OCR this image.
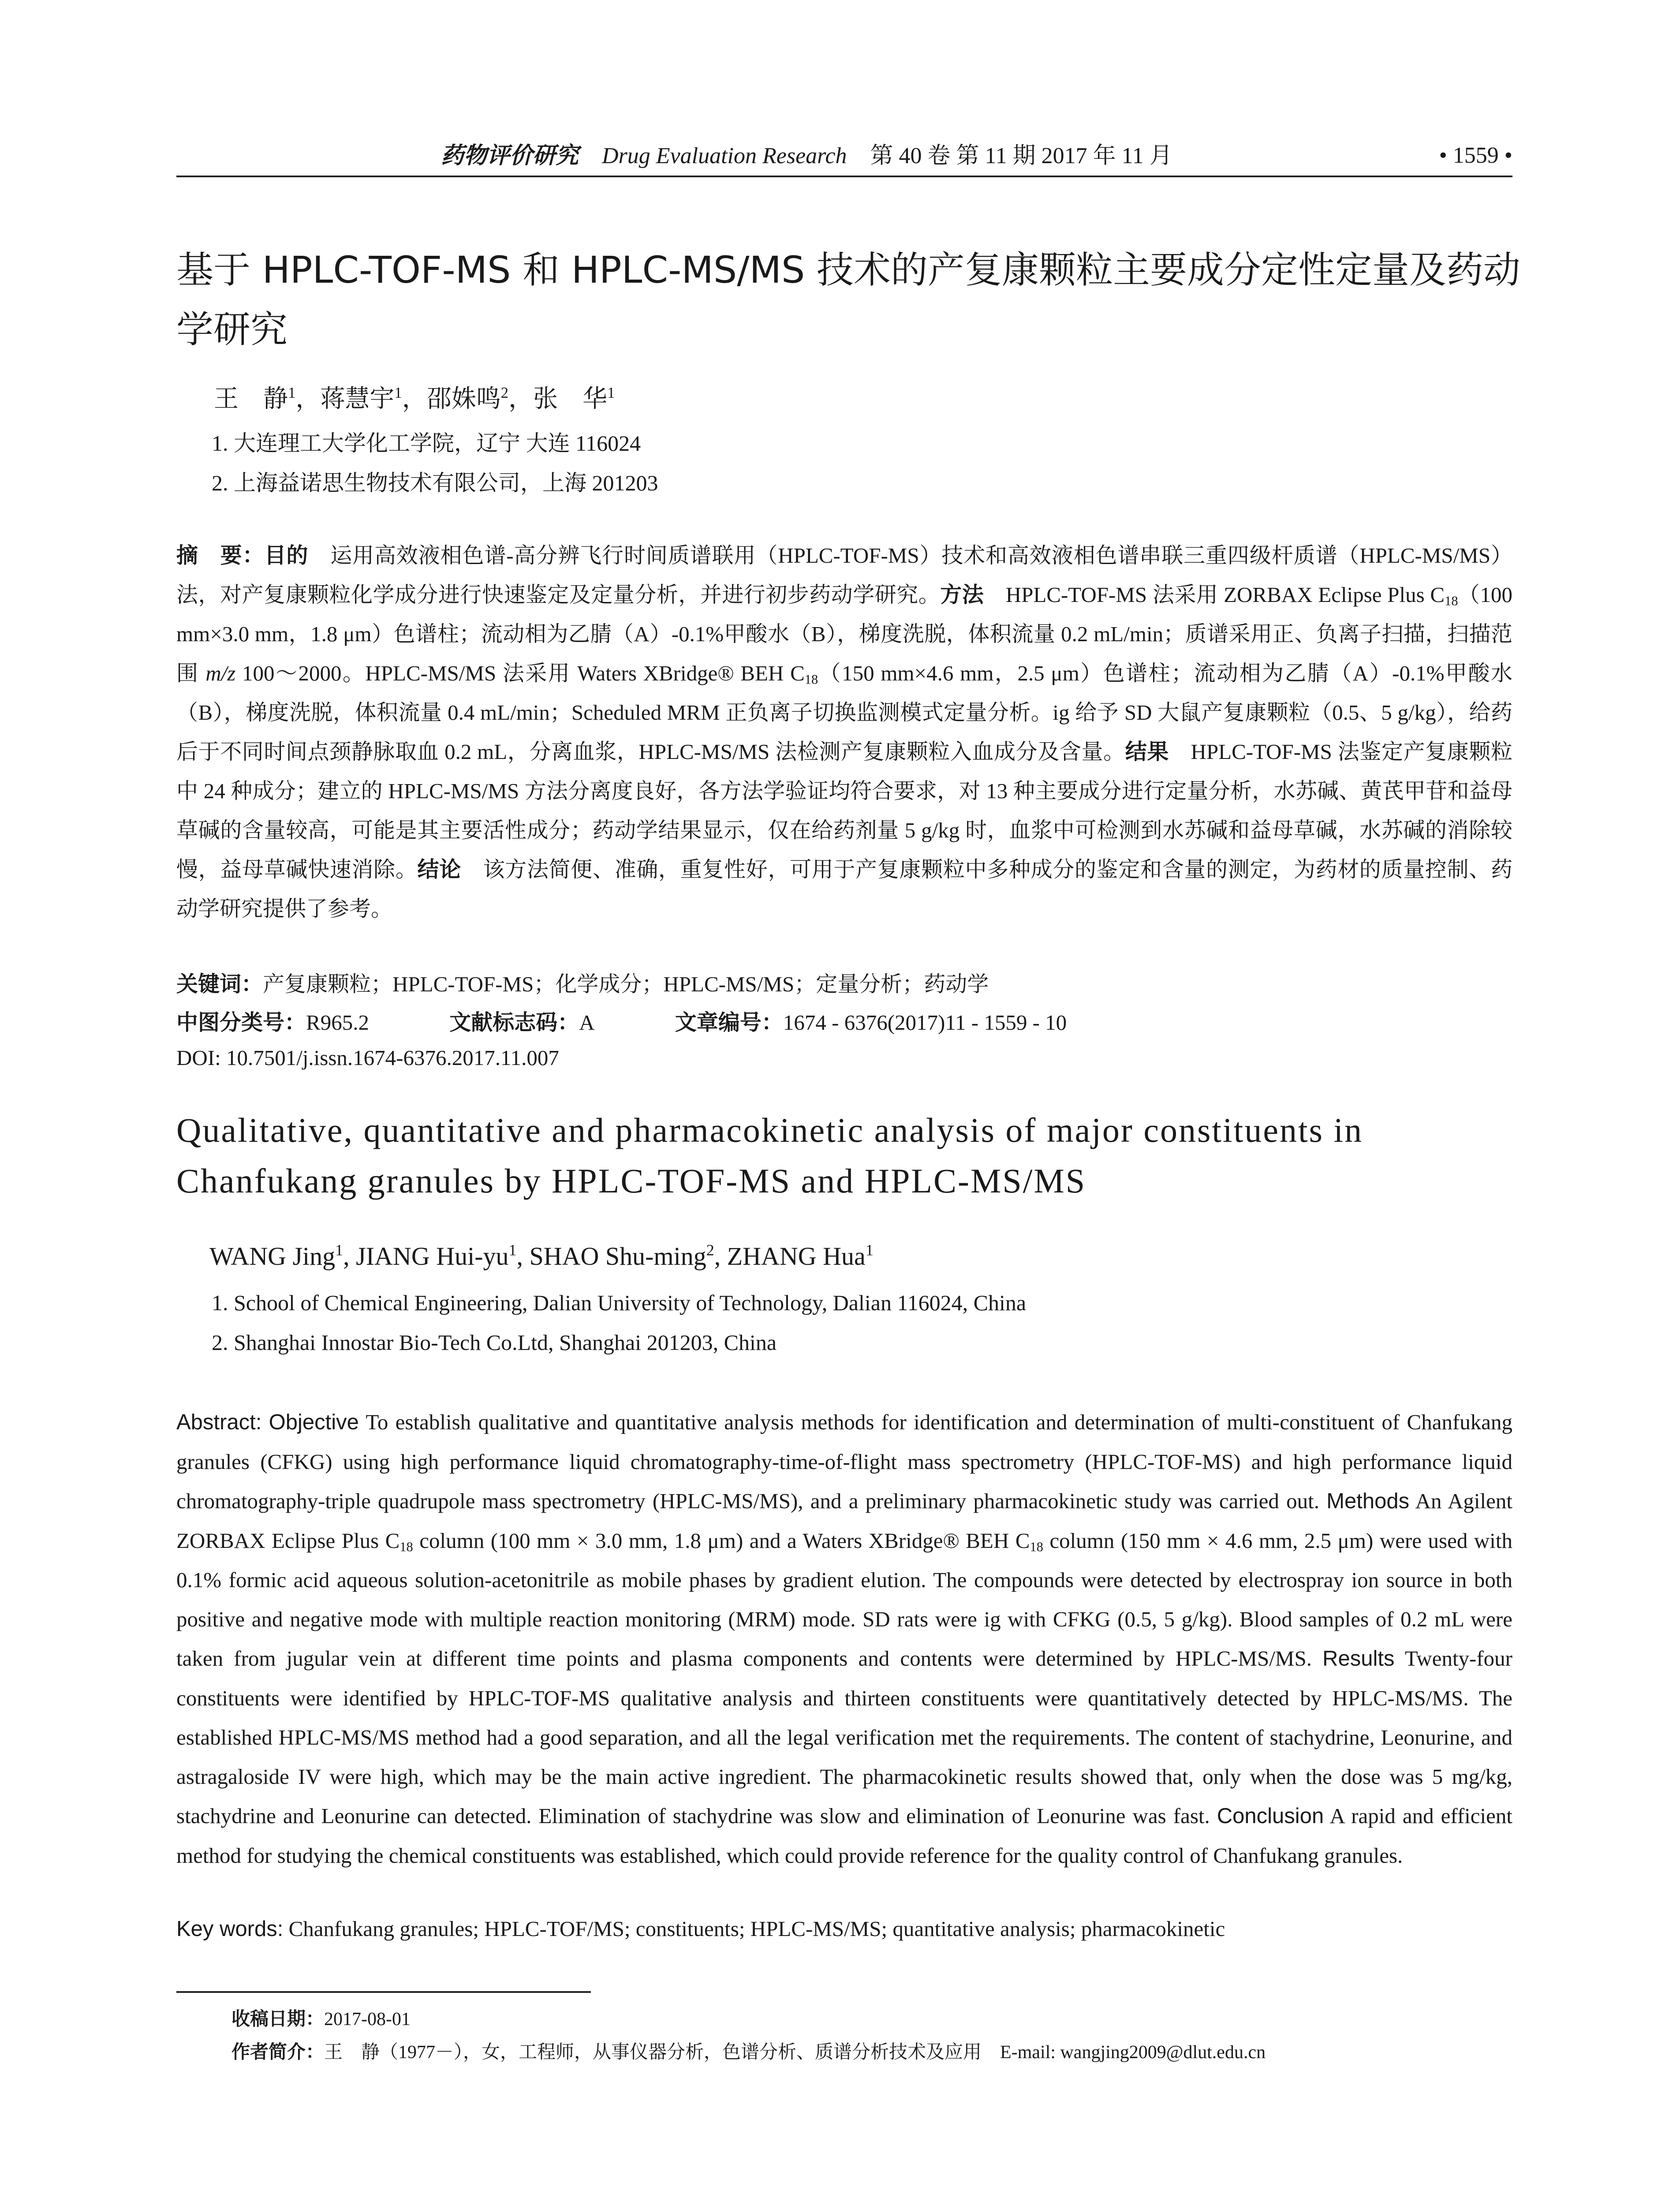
药物评价研究 Drug Evaluation Research 第 40 卷 第 11 期 2017 年 11 月	• 1559 •
基于 HPLC-TOF-MS 和 HPLC-MS/MS 技术的产复康颗粒主要成分定性定量及药动学研究
王　静$^1$，蒋慧宇$^1$，邵姝鸣$^2$，张　华$^1$
1. 大连理工大学化工学院，辽宁 大连 116024
2. 上海益诺思生物技术有限公司，上海 201203
摘　要：目的　运用高效液相色谱-高分辨飞行时间质谱联用（HPLC-TOF-MS）技术和高效液相色谱串联三重四级杆质谱（HPLC-MS/MS）法，对产复康颗粒化学成分进行快速鉴定及定量分析，并进行初步药动学研究。方法　HPLC-TOF-MS 法采用 ZORBAX Eclipse Plus $C_{18}(100$ mm×3.0 mm，1.8 μm）色谱柱；流动相为乙腈（A）-0.1%甲酸水（B），梯度洗脱，体积流量 0.2 mL/min；质谱采用正、负离子扫描，扫描范围 m/z 100～2000。HPLC-MS/MS 法采用 Waters XBridge® BEH $C_{18}(150$ mm×4.6 mm，2.5 μm）色谱柱；流动相为乙腈（A）-0.1%甲酸水（B），梯度洗脱，体积流量 0.4 mL/min；Scheduled MRM 正负离子切换监测模式定量分析。ig 给予 SD 大鼠产复康颗粒（0.5、5 g/kg），给药后于不同时间点颈静脉取血 0.2 mL，分离血浆，HPLC-MS/MS 法检测产复康颗粒入血成分及含量。结果　HPLC-TOF-MS 法鉴定产复康颗粒中 24 种成分；建立的 HPLC-MS/MS 方法分离度良好，各方法学验证均符合要求，对 13 种主要成分进行定量分析，水苏碱、黄芪甲苷和益母草碱的含量较高，可能是其主要活性成分；药动学结果显示，仅在给药剂量 5 g/kg 时，血浆中可检测到水苏碱和益母草碱，水苏碱的消除较慢，益母草碱快速消除。结论　该方法简便、准确，重复性好，可用于产复康颗粒中多种成分的鉴定和含量的测定，为药材的质量控制、药动学研究提供了参考。
关键词：产复康颗粒；HPLC-TOF-MS；化学成分；HPLC-MS/MS；定量分析；药动学
中图分类号：R965.2	文献标志码：A	文章编号：1674 - 6376(2017)11 - 1559 - 10
DOI: 10.7501/j.issn.1674-6376.2017.11.007
Qualitative, quantitative and pharmacokinetic analysis of major constituents in Chanfukang granules by HPLC-TOF-MS and HPLC-MS/MS
WANG Jing$^1$, JIANG Hui-$yu^1$, SHAO Shu-ming$^2$, ZHANG Hua$^1$
1. School of Chemical Engineering, Dalian University of Technology, Dalian 116024, China
2. Shanghai Innostar Bio-Tech Co.Ltd, Shanghai 201203, China
Abstract: Objective To establish qualitative and quantitative analysis methods for identification and determination of multi-constituent of Chanfukang granules (CFKG) using high performance liquid chromatography-time-of-flight mass spectrometry (HPLC-TOF-MS) and high performance liquid chromatography-triple quadrupole mass spectrometry (HPLC-MS/MS), and a preliminary pharmacokinetic study was carried out. Methods An Agilent ZORBAX Eclipse Plus $C_{18}$ column (100 mm × 3.0 mm, 1.8 μm) and a Waters XBridge® BEH $C_{18}$ column (150 mm × 4.6 mm, 2.5 μm) were used with 0.1% formic acid aqueous solution-acetonitrile as mobile phases by gradient elution. The compounds were detected by electrospray ion source in both positive and negative mode with multiple reaction monitoring (MRM) mode. SD rats were ig with CFKG (0.5, 5 g/kg). Blood samples of 0.2 mL were taken from jugular vein at different time points and plasma components and contents were determined by HPLC-MS/MS. Results Twenty-four constituents were identified by HPLC-TOF-MS qualitative analysis and thirteen constituents were quantitatively detected by HPLC-MS/MS. The established HPLC-MS/MS method had a good separation, and all the legal verification met the requirements. The content of stachydrine, Leonurine, and astragaloside IV were high, which may be the main active ingredient. The pharmacokinetic results showed that, only when the dose was 5 mg/kg, stachydrine and Leonurine can detected. Elimination of stachydrine was slow and elimination of Leonurine was fast. Conclusion A rapid and efficient method for studying the chemical constituents was established, which could provide reference for the quality control of Chanfukang granules.
Key words: Chanfukang granules; HPLC-TOF/MS; constituents; HPLC-MS/MS; quantitative analysis; pharmacokinetic
收稿日期：2017-08-01
作者简介：王　静（1977－），女，工程师，从事仪器分析，色谱分析、质谱分析技术及应用　E-mail: wangjing2009@dlut.edu.cn
